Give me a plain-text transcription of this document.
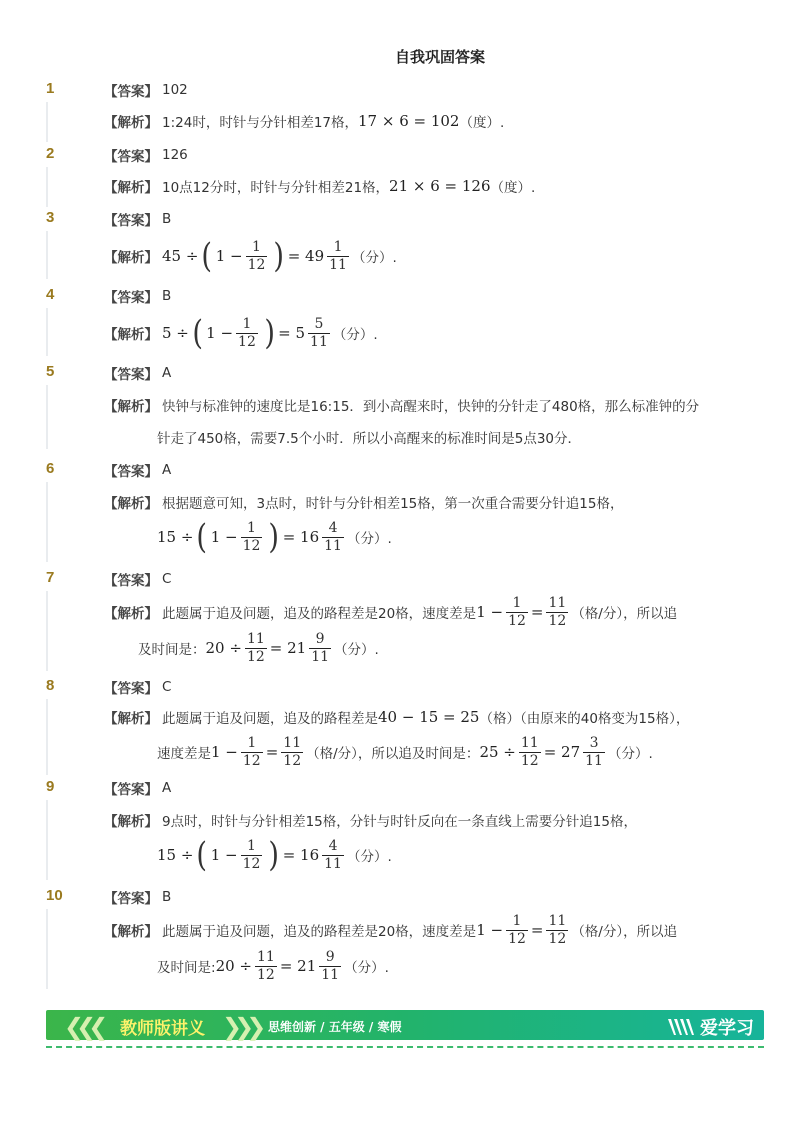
自我巩固答案
1	【答案】 102
【解析】 1:24时，时针与分针相差17格， 17 × 6 = 102 （度）.
2	【答案】 126
【解析】 10点12分时，时针与分针相差21格， 21 × 6 = 126 （度）.
3	【答案】 B
【解析】 45 ÷ ( $1 - \frac{1}{12}$ ) = $49 \frac{1}{11}$ （分）.
4	【答案】 B
【解析】 5 ÷ ( $1 - \frac{1}{12}$ ) = $5 \frac{5}{11}$ （分）.
5	【答案】 A
【解析】 快钟与标准钟的速度比是16:15．到小高醒来时，快钟的分针走了480格，那么标准钟的分
针走了450格，需要7.5个小时．所以小高醒来的标准时间是5点30分．
6	【答案】 A
【解析】 根据题意可知，3点时，时针与分针相差15格，第一次重合需要分针追15格，
15 ÷ ( $1 - \frac{1}{12}$ ) = $16 \frac{4}{11}$ （分）.
7	【答案】 C
【解析】 此题属于追及问题，追及的路程差是20格，速度差是 $1 - \frac{1}{12} = \frac{11}{12}$ （格/分），所以追
及时间是： $20 \div \frac{11}{12} = 21 \frac{9}{11}$ （分）.
8	【答案】 C
【解析】 此题属于追及问题，追及的路程差是 40 − 15 = 25 （格）（由原来的40格变为15格），
速度差是 $1 - \frac{1}{12} = \frac{11}{12}$ （格/分），所以追及时间是： $25 \div \frac{11}{12} = 27 \frac{3}{11}$ （分）.
9	【答案】 A
【解析】 9点时，时针与分针相差15格，分针与时针反向在一条直线上需要分针追15格，
15 ÷ ( $1 - \frac{1}{12}$ ) = $16 \frac{4}{11}$ （分）.
10	【答案】 B
【解析】 此题属于追及问题，追及的路程差是20格，速度差是 $1 - \frac{1}{12} = \frac{11}{12}$ （格/分），所以追
及时间是: $20 \div \frac{11}{12} = 21 \frac{9}{11}$ （分）.
❮❮❮ 教师版讲义 ❯❯❯ 思维创新 / 五年级 / 寒假	爱学习
